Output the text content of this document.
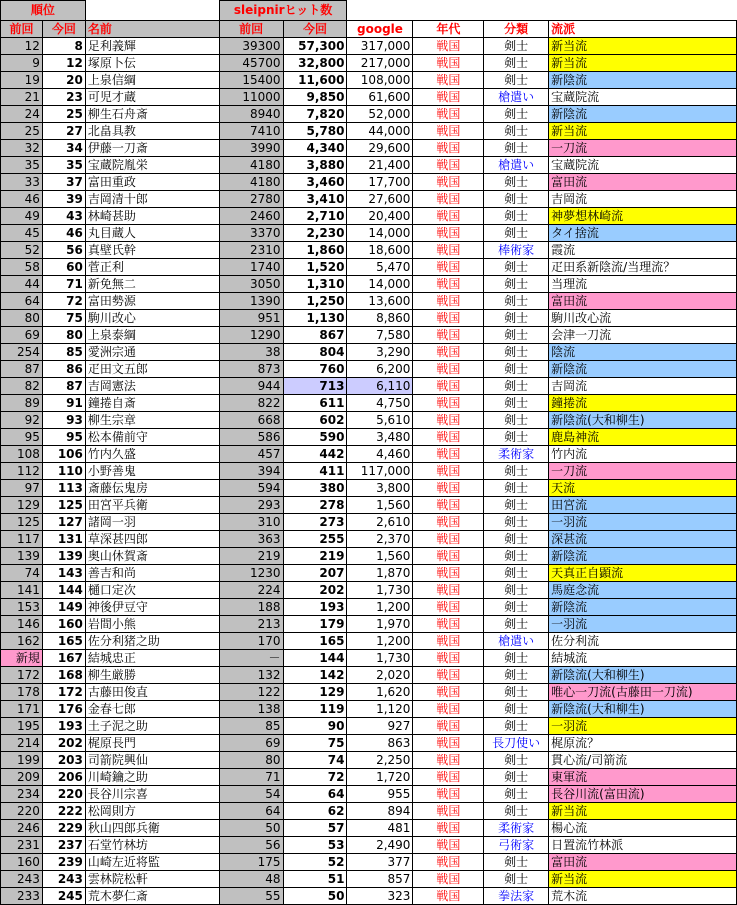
順位			sleipnirヒット数					
前回	今回	名前	前回	今回	google	年代	分類	流派
12	8	足利義輝	39300	57,300	317,000	戦国	剣士	新当流
9	12	塚原卜伝	45700	32,800	217,000	戦国	剣士	新当流
19	20	上泉信綱	15400	11,600	108,000	戦国	剣士	新陰流
21	23	可児才蔵	11000	9,850	61,600	戦国	槍遣い	宝蔵院流
24	25	柳生石舟斎	8940	7,820	52,000	戦国	剣士	新陰流
25	27	北畠具教	7410	5,780	44,000	戦国	剣士	新当流
32	34	伊藤一刀斎	3990	4,340	29,600	戦国	剣士	一刀流
35	35	宝蔵院胤栄	4180	3,880	21,400	戦国	槍遣い	宝蔵院流
33	37	富田重政	4180	3,460	17,700	戦国	剣士	富田流
46	39	吉岡清十郎	2780	3,410	27,600	戦国	剣士	吉岡流
49	43	林崎甚助	2460	2,710	20,400	戦国	剣士	神夢想林崎流
45	46	丸目蔵人	3370	2,230	14,000	戦国	剣士	タイ捨流
52	56	真壁氏幹	2310	1,860	18,600	戦国	棒術家	霞流
58	60	菅正利	1740	1,520	5,470	戦国	剣士	疋田系新陰流/当理流？
44	71	新免無二	3050	1,310	14,000	戦国	剣士	当理流
64	72	富田勢源	1390	1,250	13,600	戦国	剣士	富田流
80	75	駒川改心	951	1,130	8,860	戦国	剣士	駒川改心流
69	80	上泉泰綱	1290	867	7,580	戦国	剣士	会津一刀流
254	85	愛洲宗通	38	804	3,290	戦国	剣士	陰流
87	86	疋田文五郎	873	760	6,200	戦国	剣士	新陰流
82	87	吉岡憲法	944	713	6,110	戦国	剣士	吉岡流
89	91	鐘捲自斎	822	611	4,750	戦国	剣士	鐘捲流
92	93	柳生宗章	668	602	5,610	戦国	剣士	新陰流(大和柳生)
95	95	松本備前守	586	590	3,480	戦国	剣士	鹿島神流
108	106	竹内久盛	457	442	4,460	戦国	柔術家	竹内流
112	110	小野善鬼	394	411	117,000	戦国	剣士	一刀流
97	113	斎藤伝鬼房	594	380	3,800	戦国	剣士	天流
129	125	田宮平兵衛	293	278	1,560	戦国	剣士	田宮流
125	127	諸岡一羽	310	273	2,610	戦国	剣士	一羽流
117	131	草深甚四郎	363	255	2,370	戦国	剣士	深甚流
139	139	奥山休賀斎	219	219	1,560	戦国	剣士	新陰流
74	143	善吉和尚	1230	207	1,870	戦国	剣士	天真正自顕流
141	144	樋口定次	224	202	1,730	戦国	剣士	馬庭念流
153	149	神後伊豆守	188	193	1,200	戦国	剣士	新陰流
146	160	岩間小熊	213	179	1,970	戦国	剣士	一羽流
162	165	佐分利猪之助	170	165	1,200	戦国	槍遣い	佐分利流
新規	167	結城忠正	－	144	1,730	戦国	剣士	結城流
172	168	柳生厳勝	132	142	2,020	戦国	剣士	新陰流(大和柳生)
178	172	古藤田俊直	122	129	1,620	戦国	剣士	唯心一刀流(古藤田一刀流)
171	176	金春七郎	138	119	1,120	戦国	剣士	新陰流(大和柳生)
195	193	土子泥之助	85	90	927	戦国	剣士	一羽流
214	202	梶原長門	69	75	863	戦国	長刀使い	梶原流？
199	203	司箭院興仙	80	74	2,250	戦国	剣士	貫心流/司箭流
209	206	川崎鑰之助	71	72	1,720	戦国	剣士	東軍流
234	220	長谷川宗喜	54	64	955	戦国	剣士	長谷川流(富田流)
220	222	松岡則方	64	62	894	戦国	剣士	新当流
246	229	秋山四郎兵衛	50	57	481	戦国	柔術家	楊心流
231	237	石堂竹林坊	56	53	2,490	戦国	弓術家	日置流竹林派
160	239	山崎左近将監	175	52	377	戦国	剣士	富田流
243	243	雲林院松軒	48	51	857	戦国	剣士	新当流
233	245	荒木夢仁斎	55	50	323	戦国	拳法家	荒木流
